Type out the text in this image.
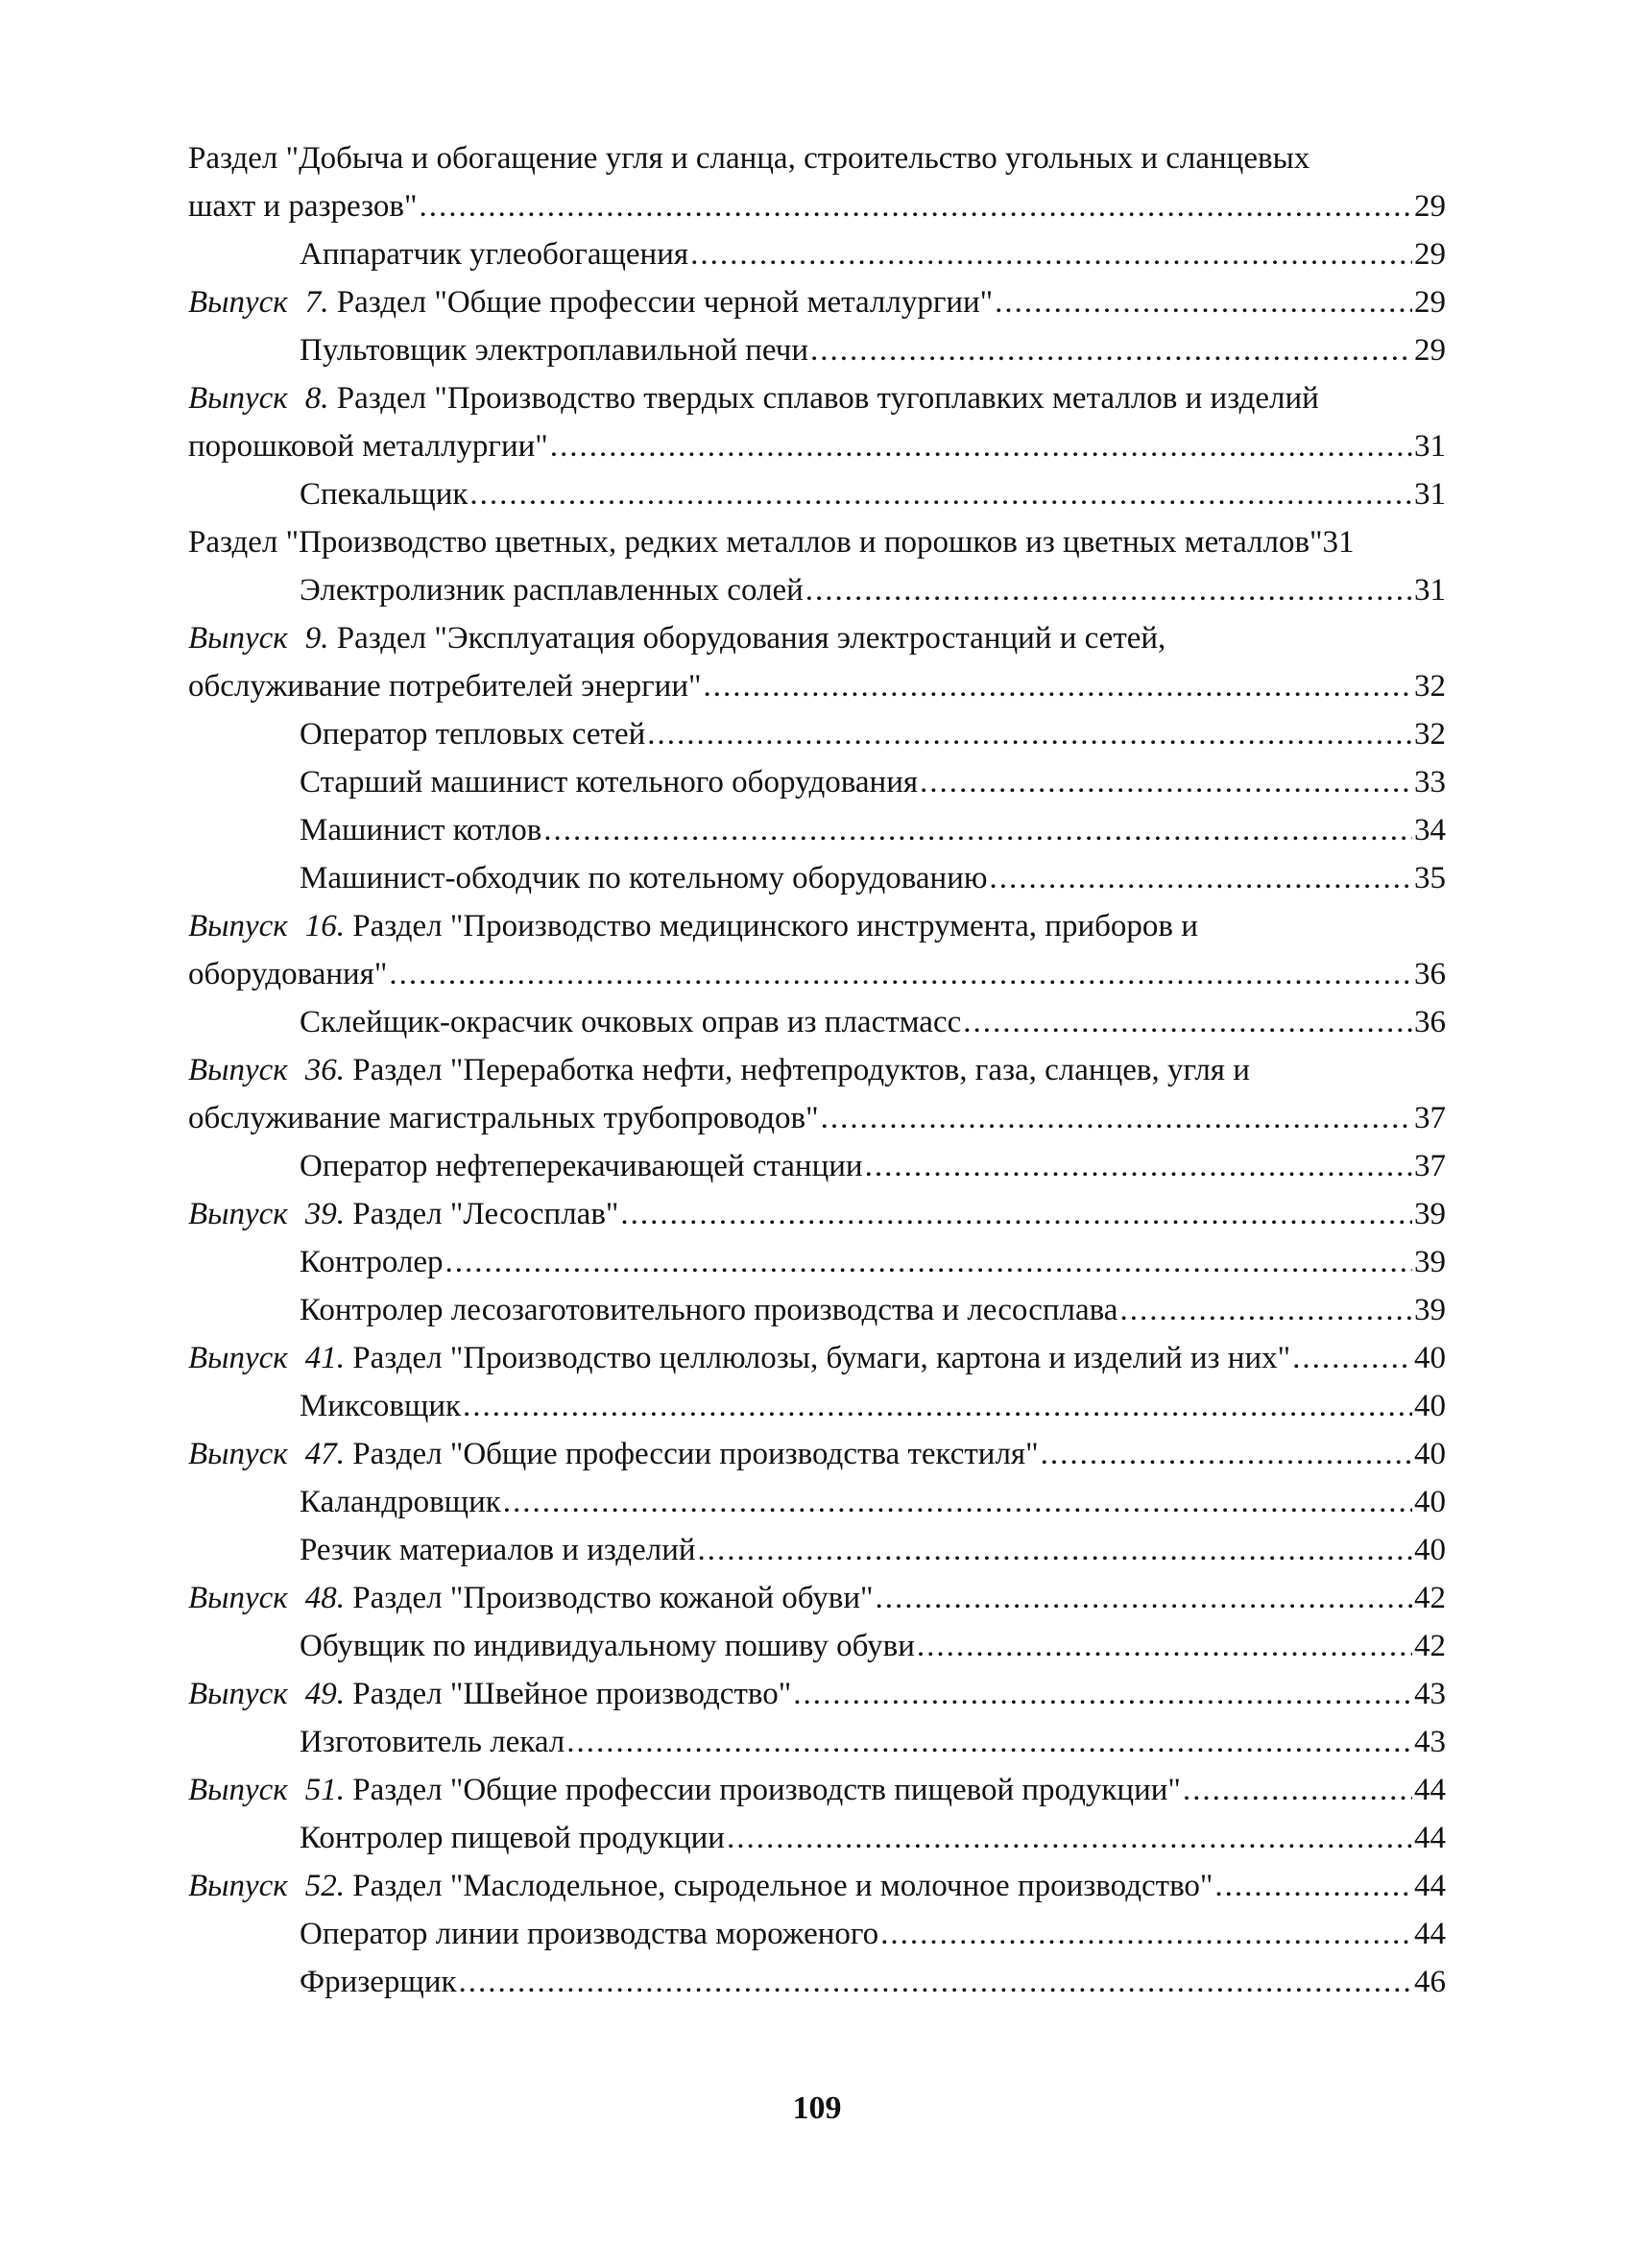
Раздел "Добыча и обогащение угля и сланца, строительство угольных и сланцевых
шахт и разрезов" .....	29
Аппаратчик углеобогащения .....	29
Выпуск 7. Раздел "Общие профессии черной металлургии" .....	29
Пультовщик электроплавильной печи .....	29
Выпуск 8. Раздел "Производство твердых сплавов тугоплавких металлов и изделий
порошковой металлургии" .....	31
Спекальщик .....	31
Раздел "Производство цветных, редких металлов и порошков из цветных металлов" 31
Электролизник расплавленных солей .....	31
Выпуск 9. Раздел "Эксплуатация оборудования электростанций и сетей,
обслуживание потребителей энергии" .....	32
Оператор тепловых сетей .....	32
Старший машинист котельного оборудования .....	33
Машинист котлов .....	34
Машинист-обходчик по котельному оборудованию .....	35
Выпуск 16. Раздел "Производство медицинского инструмента, приборов и
оборудования" .....	36
Склейщик-окрасчик очковых оправ из пластмасс .....	36
Выпуск 36. Раздел "Переработка нефти, нефтепродуктов, газа, сланцев, угля и
обслуживание магистральных трубопроводов" .....	37
Оператор нефтеперекачивающей станции .....	37
Выпуск 39. Раздел "Лесосплав" .....	39
Контролер .....	39
Контролер лесозаготовительного производства и лесосплава .....	39
Выпуск 41. Раздел "Производство целлюлозы, бумаги, картона и изделий из них" .....	40
Миксовщик .....	40
Выпуск 47. Раздел "Общие профессии производства текстиля" .....	40
Каландровщик .....	40
Резчик материалов и изделий .....	40
Выпуск 48. Раздел "Производство кожаной обуви" .....	42
Обувщик по индивидуальному пошиву обуви .....	42
Выпуск 49. Раздел "Швейное производство" .....	43
Изготовитель лекал .....	43
Выпуск 51. Раздел "Общие профессии производств пищевой продукции" .....	44
Контролер пищевой продукции .....	44
Выпуск 52. Раздел "Маслодельное, сыродельное и молочное производство" .....	44
Оператор линии производства мороженого .....	44
Фризерщик .....	46
109
